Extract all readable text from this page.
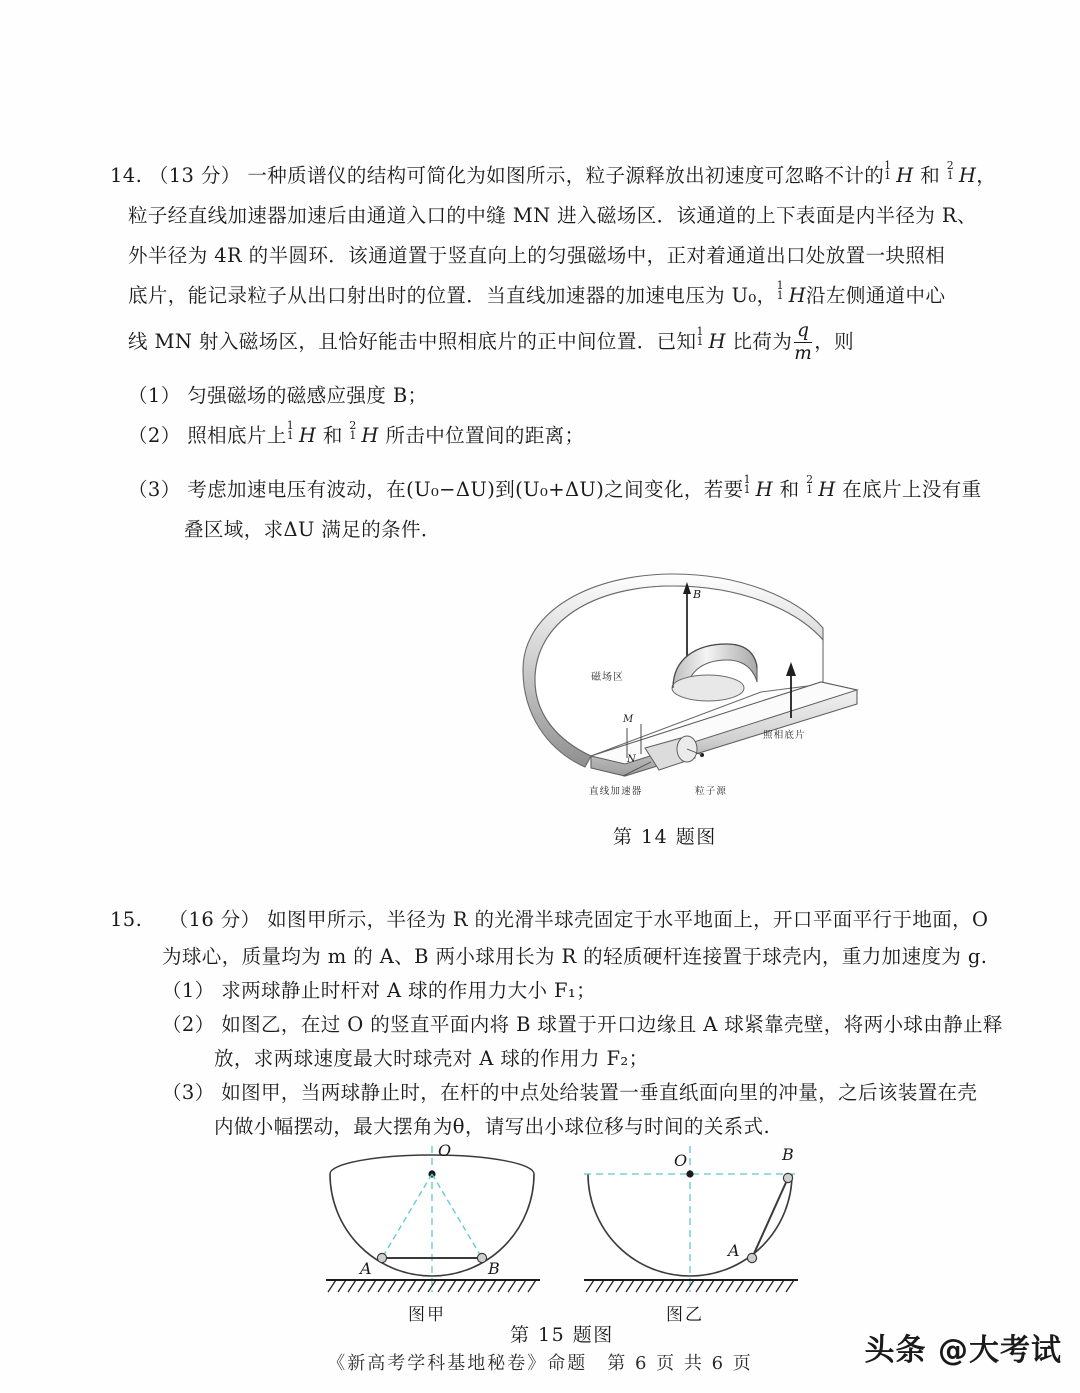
14. （13 分） 一种质谱仪的结构可简化为如图所示，粒子源释放出初速度可忽略不计的 1
1 H 和 2
1 H，
粒子经直线加速器加速后由通道入口的中缝 MN 进入磁场区．该通道的上下表面是内半径为 R、
外半径为 4R 的半圆环．该通道置于竖直向上的匀强磁场中，正对着通道出口处放置一块照相
底片，能记录粒子从出口射出时的位置．当直线加速器的加速电压为 U₀， 1
1 H沿左侧通道中心
线 MN 射入磁场区，且恰好能击中照相底片的正中间位置．已知 1
1 H 比荷为 $\frac{q}{m}$ ，则
（1） 匀强磁场的磁感应强度 B；
（2） 照相底片上 1
1 H 和 2
1 H 所击中位置间的距离；
（3） 考虑加速电压有波动，在(U₀−ΔU)到(U₀+ΔU)之间变化，若要 1
1 H 和 2
1 H 在底片上没有重
叠区域，求ΔU 满足的条件．
磁场区
B
照相底片
M
N
直线加速器	粒子源
第 14 题图
15. （16 分） 如图甲所示，半径为 R 的光滑半球壳固定于水平地面上，开口平面平行于地面，O
为球心，质量均为 m 的 A、B 两小球用长为 R 的轻质硬杆连接置于球壳内，重力加速度为 g.
（1） 求两球静止时杆对 A 球的作用力大小 F₁；
（2） 如图乙，在过 O 的竖直平面内将 B 球置于开口边缘且 A 球紧靠壳壁，将两小球由静止释
放，求两球速度最大时球壳对 A 球的作用力 F₂；
（3） 如图甲，当两球静止时，在杆的中点处给装置一垂直纸面向里的冲量，之后该装置在壳
内做小幅摆动，最大摆角为θ，请写出小球位移与时间的关系式.
O
A	B
图甲
O	B
A
图乙
第 15 题图
《新高考学科基地秘卷》命题　第 6 页 共 6 页	头条 @大考试
